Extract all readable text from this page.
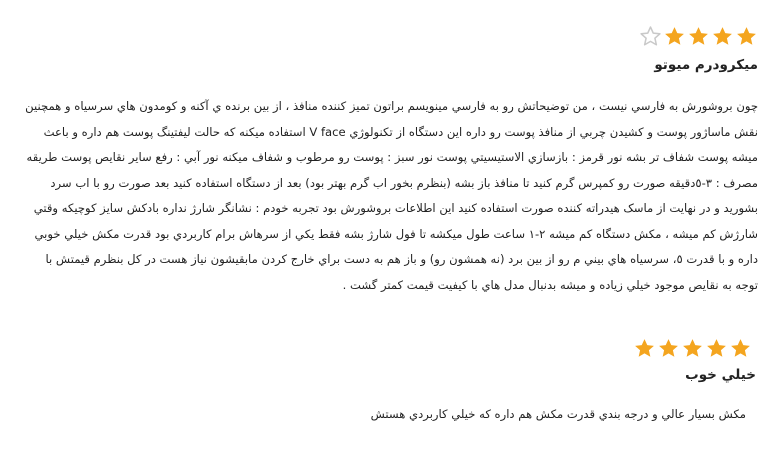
ميکرودرم ميوتو
چون بروشورش به فارسي نيست ، من توضيحاتش رو به فارسي مينويسم براتون تميز کننده منافذ ، از بين برنده ي آکنه و کومدون هاي سرسياه و همچنين نقش ماساژور پوست و کشيدن چربي از منافذ پوست رو داره اين دستگاه از تکنولوژي V face استفاده ميکنه که حالت ليفتينگ پوست هم داره و باعث ميشه پوست شفاف تر بشه نور قرمز : بازسازي الاستيسيتي پوست نور سبز : پوست رو مرطوب و شفاف ميکنه نور آبي : رفع ساير نقايص پوست طريقه مصرف : ٣-٥دقيقه صورت رو کمپرس گرم کنيد تا منافذ باز بشه (بنظرم بخور اب گرم بهتر بود) بعد از دستگاه استفاده کنيد بعد صورت رو با اب سرد بشوريد و در نهايت از ماسک هيدراته کننده صورت استفاده کنيد اين اطلاعات بروشورش بود تجربه خودم : نشانگر شارژ نداره بادکش سايز کوچيکه وقتي شارژش کم ميشه ، مکش دستگاه کم ميشه ٢-١ ساعت طول ميکشه تا فول شارژ بشه فقط يکي از سرهاش برام کاربردي بود قدرت مکش خيلي خوبي داره و با قدرت ٥، سرسياه هاي بيني م رو از بين برد (نه همشون رو) و باز هم به دست براي خارج کردن مابقيشون نياز هست در کل بنظرم قيمتش با توجه به نقايص موجود خيلي زياده و ميشه بدنبال مدل هاي با کيفيت قيمت کمتر گشت .
خيلي خوب
مکش بسيار عالي و درجه بندي قدرت مکش هم داره که خيلي کاربردي هستش
